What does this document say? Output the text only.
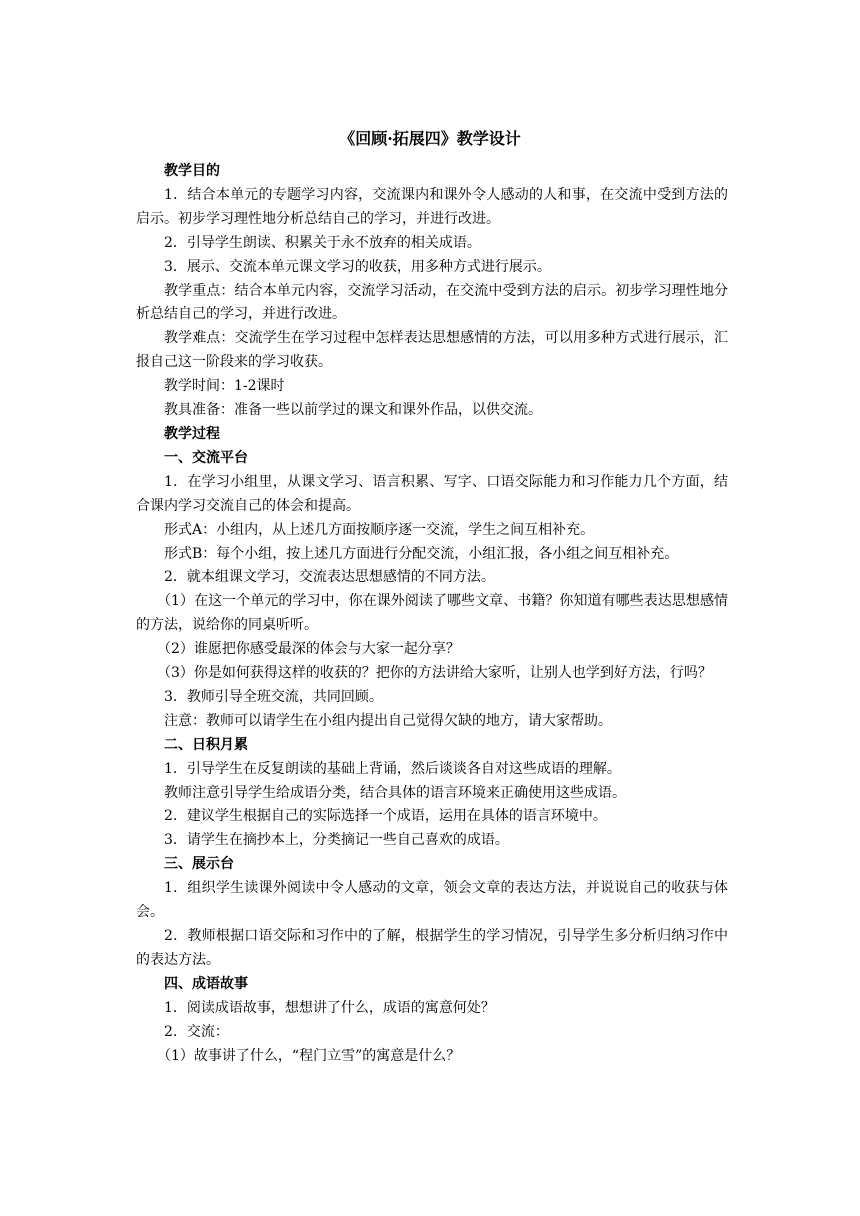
《回顾·拓展四》教学设计

教学目的

1．结合本单元的专题学习内容，交流课内和课外令人感动的人和事，在交流中受到方法的启示。初步学习理性地分析总结自己的学习，并进行改进。

2．引导学生朗读、积累关于永不放弃的相关成语。

3．展示、交流本单元课文学习的收获，用多种方式进行展示。

教学重点：结合本单元内容，交流学习活动，在交流中受到方法的启示。初步学习理性地分析总结自己的学习，并进行改进。

教学难点：交流学生在学习过程中怎样表达思想感情的方法，可以用多种方式进行展示，汇报自己这一阶段来的学习收获。

教学时间：1-2课时

教具准备：准备一些以前学过的课文和课外作品，以供交流。

教学过程

一、交流平台

1．在学习小组里，从课文学习、语言积累、写字、口语交际能力和习作能力几个方面，结合课内学习交流自己的体会和提高。

形式A：小组内，从上述几方面按顺序逐一交流，学生之间互相补充。

形式B：每个小组，按上述几方面进行分配交流，小组汇报，各小组之间互相补充。

2．就本组课文学习，交流表达思想感情的不同方法。

（1）在这一个单元的学习中，你在课外阅读了哪些文章、书籍？你知道有哪些表达思想感情的方法，说给你的同桌听听。

（2）谁愿把你感受最深的体会与大家一起分享？

（3）你是如何获得这样的收获的？把你的方法讲给大家听，让别人也学到好方法，行吗？

3．教师引导全班交流，共同回顾。

注意：教师可以请学生在小组内提出自己觉得欠缺的地方，请大家帮助。

二、日积月累

1．引导学生在反复朗读的基础上背诵，然后谈谈各自对这些成语的理解。

教师注意引导学生给成语分类，结合具体的语言环境来正确使用这些成语。

2．建议学生根据自己的实际选择一个成语，运用在具体的语言环境中。

3．请学生在摘抄本上，分类摘记一些自己喜欢的成语。

三、展示台

1．组织学生读课外阅读中令人感动的文章，领会文章的表达方法，并说说自己的收获与体会。

2．教师根据口语交际和习作中的了解，根据学生的学习情况，引导学生多分析归纳习作中的表达方法。

四、成语故事

1．阅读成语故事，想想讲了什么，成语的寓意何处？

2．交流：

（1）故事讲了什么，“程门立雪”的寓意是什么？
